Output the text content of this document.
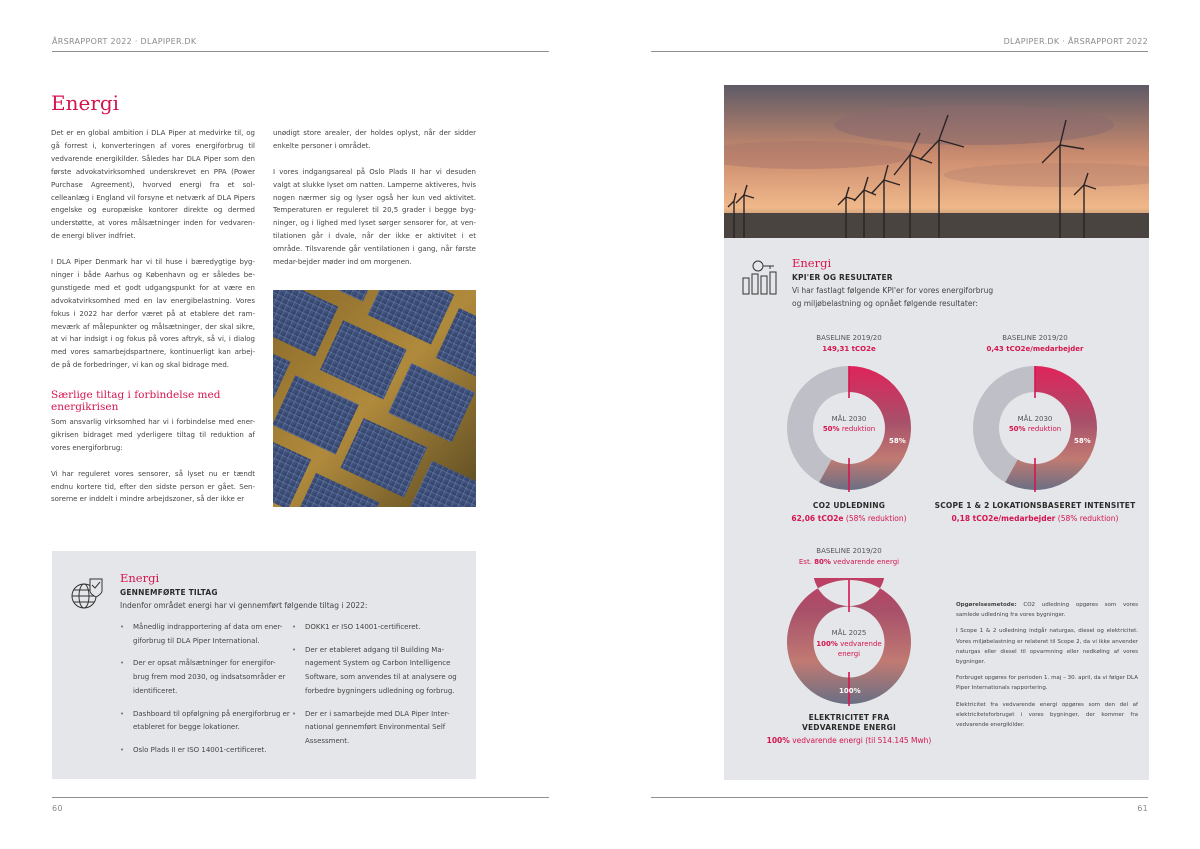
ÅRSRAPPORT 2022 · DLAPIPER.DK	DLAPIPER.DK · ÅRSRAPPORT 2022
Energi

Det er en global ambition i DLA Piper at medvirke til, og gå forrest i, konverteringen af vores energiforbrug til vedvarende energikilder. Således har DLA Piper som den første advokatvirksomhed underskrevet en PPA (Power Purchase Agreement), hvorved energi fra et sol-celleanlæg i England vil forsyne et netværk af DLA Pipers engelske og europæiske kontorer direkte og dermed understøtte, at vores målsætninger inden for vedvaren-de energi bliver indfriet.

I DLA Piper Denmark har vi til huse i bæredygtige byg-ninger i både Aarhus og København og er således be-gunstigede med et godt udgangspunkt for at være en advokatvirksomhed med en lav energibelastning. Vores fokus i 2022 har derfor været på at etablere det ram-meværk af målepunkter og målsætninger, der skal sikre, at vi har indsigt i og fokus på vores aftryk, så vi, i dialog med vores samarbejdspartnere, kontinuerligt kan arbej-de på de forbedringer, vi kan og skal bidrage med.

Særlige tiltag i forbindelse med energikrisen

Som ansvarlig virksomhed har vi i forbindelse med ener-gikrisen bidraget med yderligere tiltag til reduktion af vores energiforbrug:

Vi har reguleret vores sensorer, så lyset nu er tændt endnu kortere tid, efter den sidste person er gået. Sen-sorerne er inddelt i mindre arbejdszoner, så der ikke er

unødigt store arealer, der holdes oplyst, når der sidder enkelte personer i området.

I vores indgangsareal på Oslo Plads II har vi desuden valgt at slukke lyset om natten. Lamperne aktiveres, hvis nogen nærmer sig og lyser også her kun ved aktivitet. Temperaturen er reguleret til 20,5 grader i begge byg-ninger, og i lighed med lyset sørger sensorer for, at ven-tilationen går i dvale, når der ikke er aktivitet i et område. Tilsvarende går ventilationen i gang, når første medar-bejder møder ind om morgenen.

Energi
GENNEMFØRTE TILTAG
Indenfor området energi har vi gennemført følgende tiltag i 2022:
• Månedlig indrapportering af data om ener-giforbrug til DLA Piper International.
• Der er opsat målsætninger for energifor-brug frem mod 2030, og indsatsområder er identificeret.
• Dashboard til opfølgning på energiforbrug er etableret for begge lokationer.
• Oslo Plads II er ISO 14001-certificeret.
• DOKK1 er ISO 14001-certificeret.
• Der er etableret adgang til Building Ma-nagement System og Carbon Intelligence Software, som anvendes til at analysere og forbedre bygningers udledning og forbrug.
• Der er i samarbejde med DLA Piper Inter-national gennemført Environmental Self Assessment.
60
Energi
KPI'ER OG RESULTATER
Vi har fastlagt følgende KPI'er for vores energiforbrug
og miljøbelastning og opnået følgende resultater:
BASELINE 2019/20
149,31 tCO2e
MÅL 2030
50% reduktion
58%
CO2 UDLEDNING
62,06 tCO2e (58% reduktion)
BASELINE 2019/20
0,43 tCO2e/medarbejder
MÅL 2030
50% reduktion
58%
SCOPE 1 & 2 LOKATIONSBASERET INTENSITET
0,18 tCO2e/medarbejder (58% reduktion)
BASELINE 2019/20
Est. 80% vedvarende energi
MÅL 2025
100% vedvarende energi
100%
ELEKTRICITET FRA
VEDVARENDE ENERGI
100% vedvarende energi (til 514.145 Mwh)

Opgørelsesmetode: CO2 udledning opgøres som vores samlede udledning fra vores bygninger.

I Scope 1 & 2 udledning indgår naturgas, diesel og elektricitet. Vores miljøbelastning er relateret til Scope 2, da vi ikke anvender naturgas eller diesel til opvarmning eller nedkøling af vores bygninger.

Forbruget opgøres for perioden 1. maj – 30. april, da vi følger DLA Piper Internationals rapportering.

Elektricitet fra vedvarende energi opgøres som den del af elektricitetsforbruget i vores bygninger, der kommer fra vedvarende energikilder.

61
